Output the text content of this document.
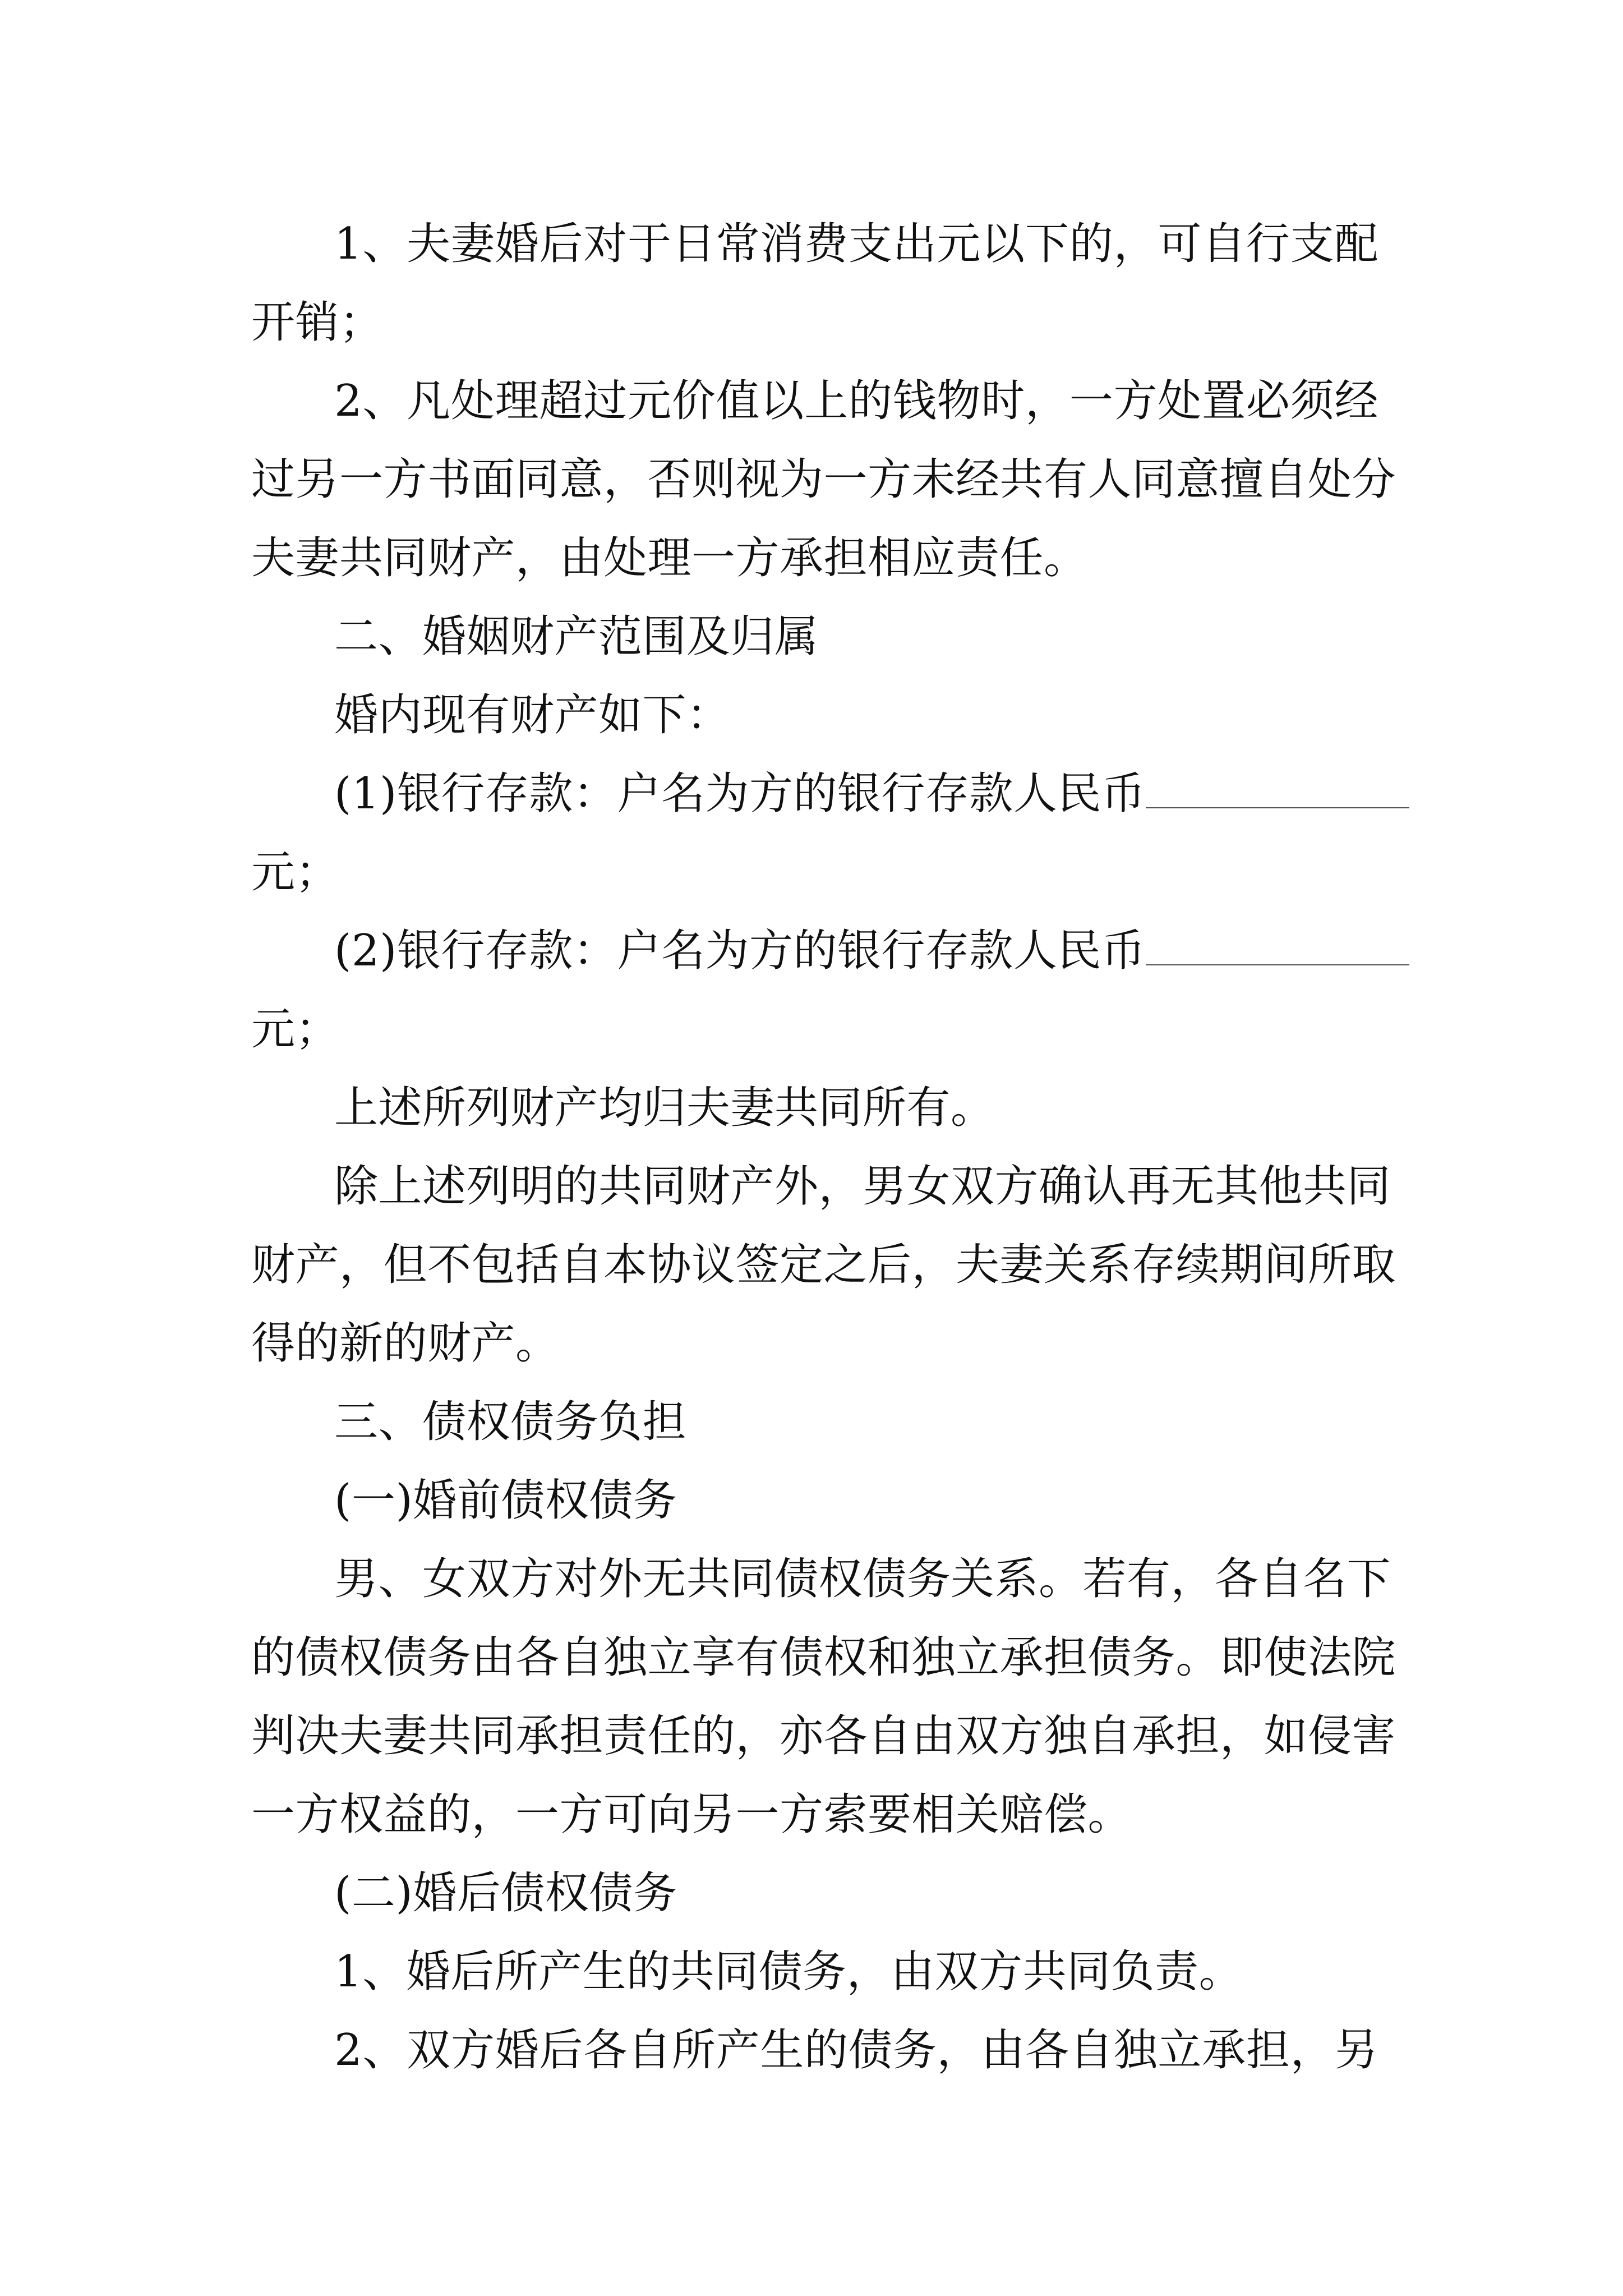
1、夫妻婚后对于日常消费支出元以下的，可自行支配
开销；
2、凡处理超过元价值以上的钱物时，一方处置必须经
过另一方书面同意，否则视为一方未经共有人同意擅自处分
夫妻共同财产，由处理一方承担相应责任。
二、婚姻财产范围及归属
婚内现有财产如下：
(1)银行存款：户名为方的银行存款人民币
元；
(2)银行存款：户名为方的银行存款人民币
元；
上述所列财产均归夫妻共同所有。
除上述列明的共同财产外，男女双方确认再无其他共同
财产，但不包括自本协议签定之后，夫妻关系存续期间所取
得的新的财产。
三、债权债务负担
(一)婚前债权债务
男、女双方对外无共同债权债务关系。若有，各自名下
的债权债务由各自独立享有债权和独立承担债务。即使法院
判决夫妻共同承担责任的，亦各自由双方独自承担，如侵害
一方权益的，一方可向另一方索要相关赔偿。
(二)婚后债权债务
1、婚后所产生的共同债务，由双方共同负责。
2、双方婚后各自所产生的债务，由各自独立承担，另
